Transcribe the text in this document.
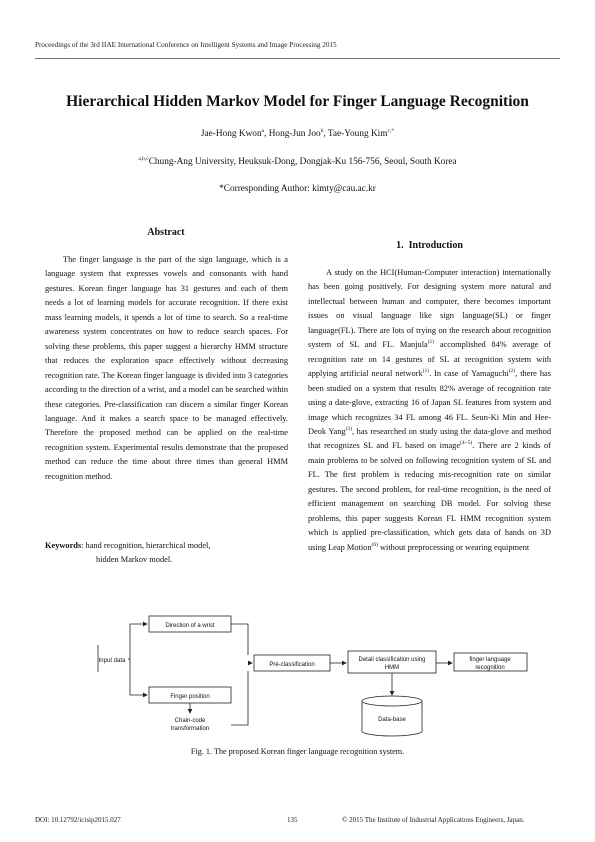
Proceedings of the 3rd IIAE International Conference on Intelligent Systems and Image Processing 2015
Hierarchical Hidden Markov Model for Finger Language Recognition
Jae-Hong Kwon$^a$, Hong-Jun Joo$^b$, Tae-Young Kim$^{c,*}$
$^{a,b,c}$Chung-Ang University, Heuksuk-Dong, Dongjak-Ku 156-756, Seoul, South Korea
*Corresponding Author: kimty@cau.ac.kr
Abstract

The finger language is the part of the sign language, which is a language system that expresses vowels and consonants with hand gestures. Korean finger language has 31 gestures and each of them needs a lot of learning models for accurate recognition. If there exist mass learning models, it spends a lot of time to search. So a real-time awareness system concentrates on how to reduce search spaces. For solving these problems, this paper suggest a hierarchy HMM structure that reduces the exploration space effectively without decreasing recognition rate. The Korean finger language is divided into 3 categories according to the direction of a wrist, and a model can be searched within these categories. Pre-classification can discern a similar finger Korean language. And it makes a search space to be managed effectively. Therefore the proposed method can be applied on the real-time recognition system. Experimental results demonstrate that the proposed method can reduce the time about three times than general HMM recognition method.

Keywords: hand recognition, hierarchical model,
hidden Markov model.
1. Introduction

A study on the HCI(Human-Computer interaction) internationally has been going positively. For designing system more natural and intellectual between human and computer, there becomes important issues on visual language like sign language(SL) or finger language(FL). There are lots of trying on the research about recognition system of SL and FL. Manjula$^{(1)}$ accomplished 84% average of recognition rate on 14 gestures of SL at recognition system with applying artificial neural network$^{(1)}$. In case of Yamaguchi$^{(2)}$, there has been studied on a system that results 82% average of recognition rate using a date-glove, extracting 16 of Japan SL features from system and image which recognizes 34 FL among 46 FL. Seun-Ki Min and Hee-Deok Yang$^{(3)}$, has researched on study using the data-glove and method that recognizes SL and FL based on image$^{(4\sim 5)}$. There are 2 kinds of main problems to be solved on following recognition system of SL and FL. The first problem is reducing mis-recognition rate on similar gestures. The second problem, for real-time recognition, is the need of efficient management on searching DB model. For solving these problems, this paper suggests Korean FL HMM recognition system which is applied pre-classification, which gets data of hands on 3D using Leap Motion$^{(6)}$ without preprocessing or wearing equipment

Input data
Direction of a wrist
Finger position
Chain-code
transformation
Pre-classification
Detail classification using
HMM
finger language
recognition
Data-base
Fig. 1. The proposed Korean finger language recognition system.
DOI: 10.12792/icisip2015.027	135	© 2015 The Institute of Industrial Applications Engineers, Japan.
